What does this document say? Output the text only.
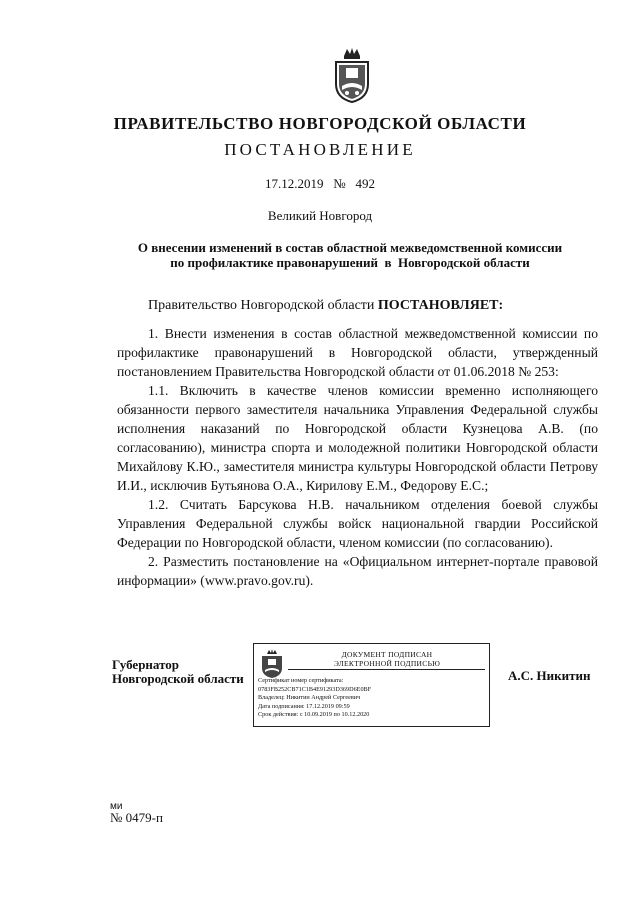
ПРАВИТЕЛЬСТВО НОВГОРОДСКОЙ ОБЛАСТИ
ПОСТАНОВЛЕНИЕ
17.12.2019 № 492
Великий Новгород
О внесении изменений в состав областной межведомственной комиссии
по профилактике правонарушений  в  Новгородской области
Правительство Новгородской области ПОСТАНОВЛЯЕТ:

1. Внести изменения в состав областной межведомственной комиссии по профилактике правонарушений в Новгородской области, утвержденный постановлением Правительства Новгородской области от 01.06.2018 № 253:

1.1. Включить в качестве членов комиссии временно исполняющего обязанности первого заместителя начальника Управления Федеральной службы исполнения наказаний по Новгородской области Кузнецова А.В. (по согласованию), министра спорта и молодежной политики Новгородской области Михайлову К.Ю., заместителя министра культуры Новгородской области Петрову И.И., исключив Бутьянова О.А., Кирилову Е.М., Федорову Е.С.;

1.2. Считать Барсукова Н.В. начальником отделения боевой службы Управления Федеральной службы войск национальной гвардии Российской Федерации по Новгородской области, членом комиссии (по согласованию).

2. Разместить постановление на «Официальном интернет-портале правовой информации» (www.pravo.gov.ru).

Губернатор
Новгородской области
ДОКУМЕНТ ПОДПИСАН
ЭЛЕКТРОННОЙ ПОДПИСЬЮ
Сертификат номер сертификата:
0783FB252CB71C1B4E91293D369D6E0BF
Владелец: Никитин Андрей Сергеевич
Дата подписания: 17.12.2019 09:59
Срок действия: с 10.09.2019 по 10.12.2020
А.С. Никитин
ми
№ 0479-п
